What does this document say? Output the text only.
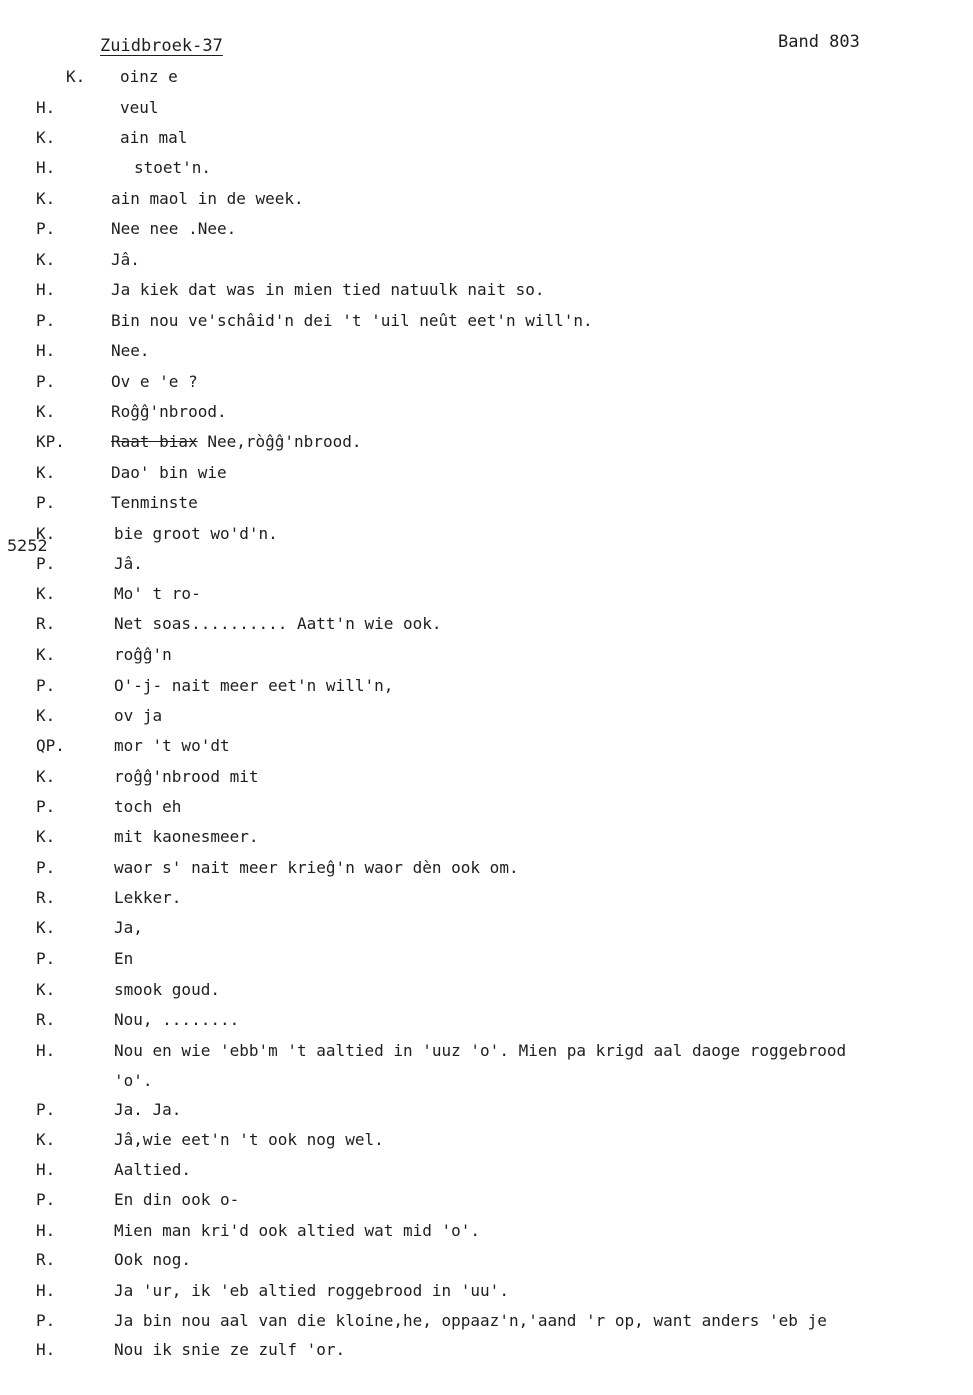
Zuidbroek-37	Band 803
5252
K.	oinz e
H.	veul
K.	ain mal
H.	stoet'n.
K.	ain maol in de week.
P.	Nee nee .Nee.
K.	Jâ.
H.	Ja kiek dat was in mien tied natuulk nait so.
P.	Bin nou ve'schâid'n dei 't 'uil neût eet'n will'n.
H.	Nee.
P.	Ov e 'e ?
K.	Roĝĝ'nbrood.
KP.	Raat biax Nee,ròĝĝ'nbrood.
K.	Dao' bin wie
P.	Tenminste
K.	bie groot wo'd'n.
P.	Jâ.
K.	Mo' t ro-
R.	Net soas.......... Aatt'n wie ook.
K.	roĝĝ'n
P.	O'-j- nait meer eet'n will'n,
K.	ov ja
QP.	mor 't wo'dt
K.	roĝĝ'nbrood mit
P.	toch eh
K.	mit kaonesmeer.
P.	waor s' nait meer krieĝ'n waor dèn ook om.
R.	Lekker.
K.	Ja,
P.	En
K.	smook goud.
R.	Nou, ........
H.	Nou en wie 'ebb'm 't aaltied in 'uuz 'o'. Mien pa krigd aal daoge roggebrood
'o'.
P.	Ja. Ja.
K.	Jâ,wie eet'n 't ook nog wel.
H.	Aaltied.
P.	En din ook o-
H.	Mien man kri'd ook altied wat mid 'o'.
R.	Ook nog.
H.	Ja 'ur, ik 'eb altied roggebrood in 'uu'.
P.	Ja bin nou aal van die kloine,he, oppaaz'n,'aand 'r op, want anders 'eb je
H.	Nou ik snie ze zulf 'or.
